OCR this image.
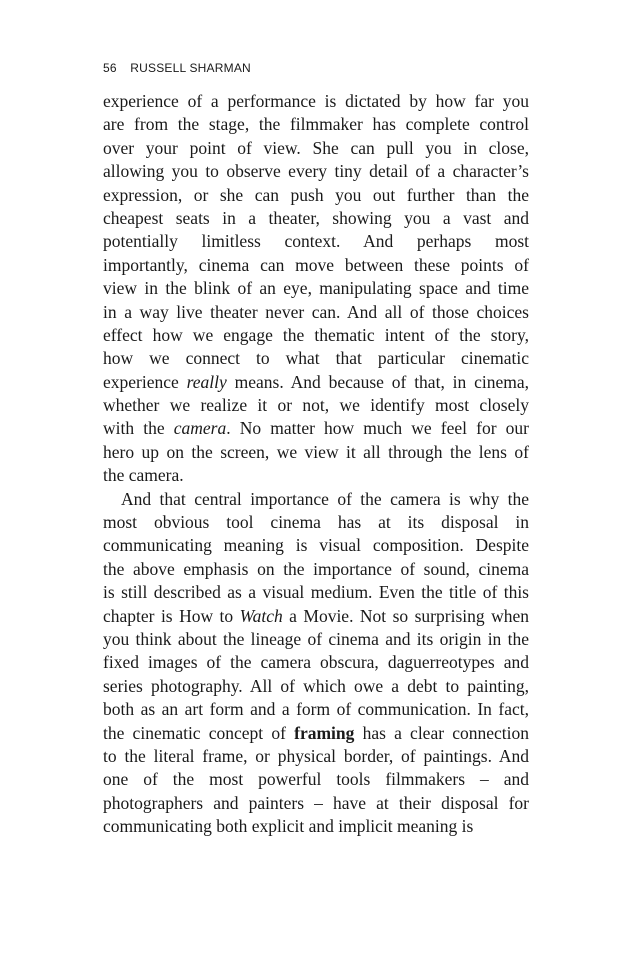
56 RUSSELL SHARMAN
experience of a performance is dictated by how far you
are from the stage, the filmmaker has complete control
over your point of view. She can pull you in close,
allowing you to observe every tiny detail of a character’s
expression, or she can push you out further than the
cheapest seats in a theater, showing you a vast and
potentially limitless context. And perhaps most
importantly, cinema can move between these points of
view in the blink of an eye, manipulating space and time
in a way live theater never can. And all of those choices
effect how we engage the thematic intent of the story,
how we connect to what that particular cinematic
experience really means. And because of that, in cinema,
whether we realize it or not, we identify most closely
with the camera. No matter how much we feel for our
hero up on the screen, we view it all through the lens of
the camera.
And that central importance of the camera is why the
most obvious tool cinema has at its disposal in
communicating meaning is visual composition. Despite
the above emphasis on the importance of sound, cinema
is still described as a visual medium. Even the title of this
chapter is How to Watch a Movie. Not so surprising when
you think about the lineage of cinema and its origin in the
fixed images of the camera obscura, daguerreotypes and
series photography. All of which owe a debt to painting,
both as an art form and a form of communication. In fact,
the cinematic concept of framing has a clear connection
to the literal frame, or physical border, of paintings. And
one of the most powerful tools filmmakers – and
photographers and painters – have at their disposal for
communicating both explicit and implicit meaning is
